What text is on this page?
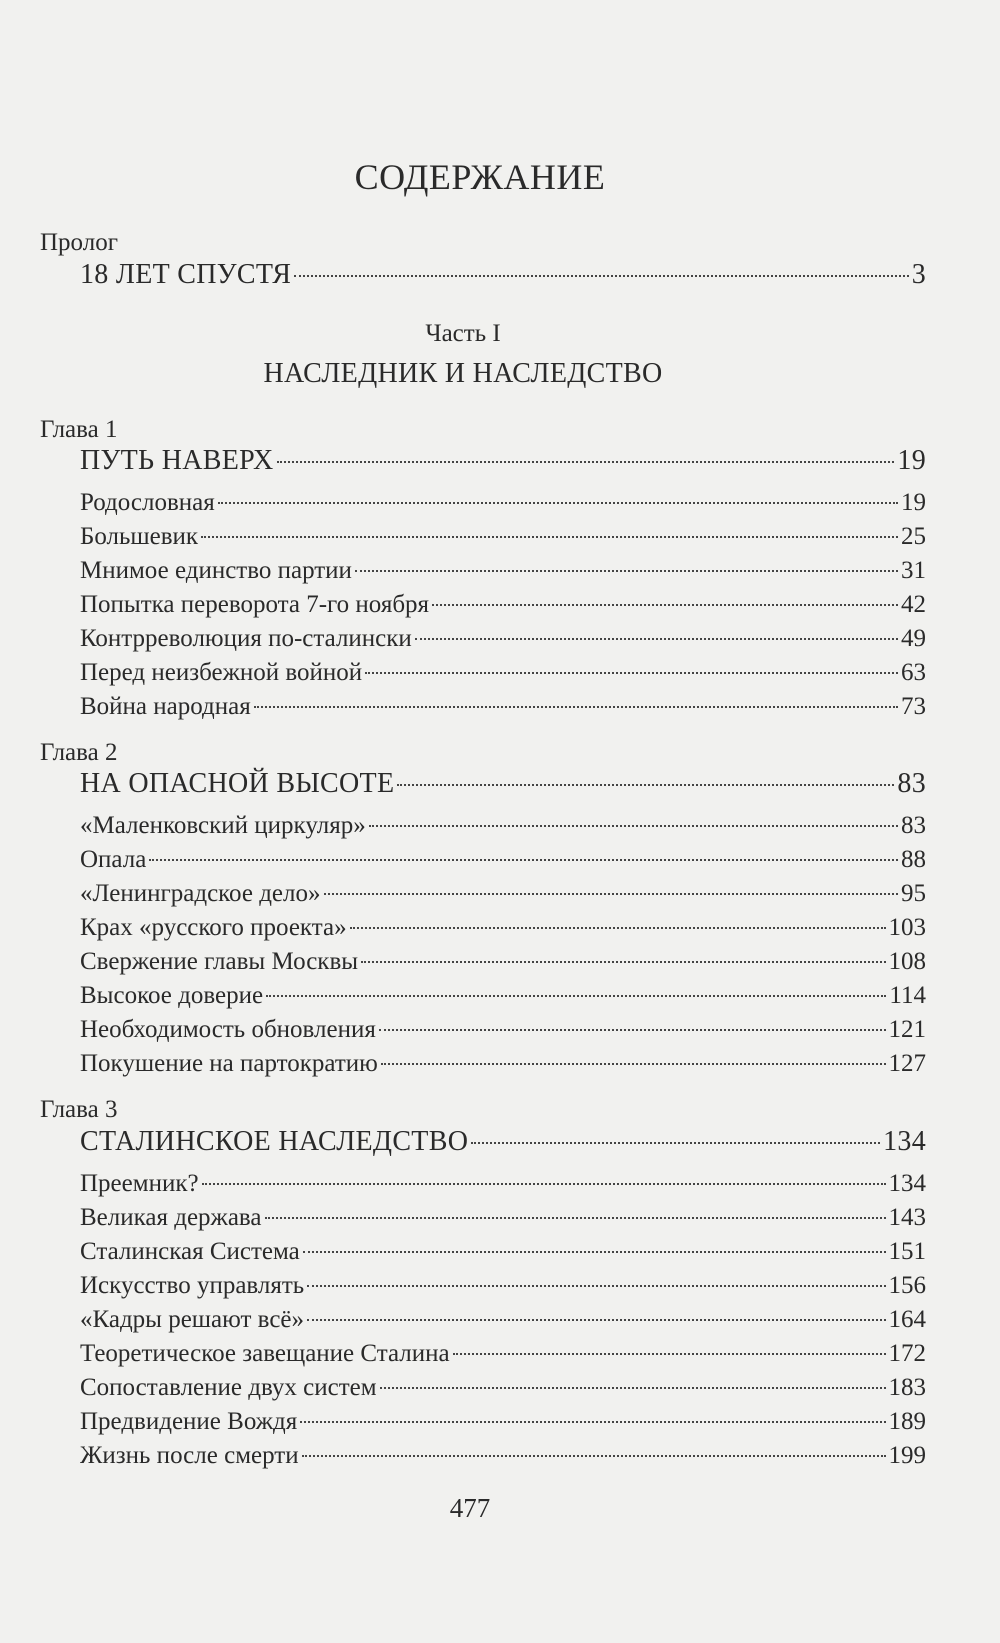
СОДЕРЖАНИЕ
Пролог
18 ЛЕТ СПУСТЯ	3
Часть I
НАСЛЕДНИК И НАСЛЕДСТВО
Глава 1
ПУТЬ НАВЕРХ	19
Родословная	19
Большевик	25
Мнимое единство партии	31
Попытка переворота 7-го ноября	42
Контрреволюция по-сталински	49
Перед неизбежной войной	63
Война народная	73
Глава 2
НА ОПАСНОЙ ВЫСОТЕ	83
«Маленковский циркуляр»	83
Опала	88
«Ленинградское дело»	95
Крах «русского проекта»	103
Свержение главы Москвы	108
Высокое доверие	114
Необходимость обновления	121
Покушение на партократию	127
Глава 3
СТАЛИНСКОЕ НАСЛЕДСТВО	134
Преемник?	134
Великая держава	143
Сталинская Система	151
Искусство управлять	156
«Кадры решают всё»	164
Теоретическое завещание Сталина	172
Сопоставление двух систем	183
Предвидение Вождя	189
Жизнь после смерти	199
477
